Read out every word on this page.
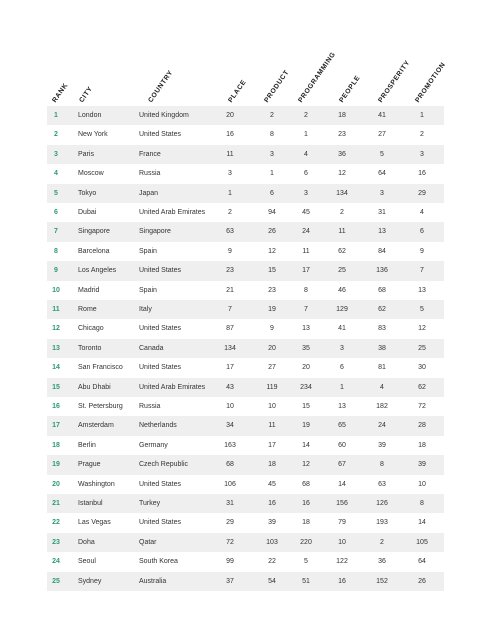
RANK CITY	COUNTRY	PLACE PRODUCT PROGRAMMING PEOPLE PROSPERITY PROMOTION
1	London	United Kingdom	20	2	2	18	41	1
2	New York	United States	16	8	1	23	27	2
3	Paris	France	11	3	4	36	5	3
4	Moscow	Russia	3	1	6	12	64	16
5	Tokyo	Japan	1	6	3	134	3	29
6	Dubai	United Arab Emirates	2	94	45	2	31	4
7	Singapore	Singapore	63	26	24	11	13	6
8	Barcelona	Spain	9	12	11	62	84	9
9	Los Angeles	United States	23	15	17	25	136	7
10	Madrid	Spain	21	23	8	46	68	13
11	Rome	Italy	7	19	7	129	62	5
12	Chicago	United States	87	9	13	41	83	12
13	Toronto	Canada	134	20	35	3	38	25
14	San Francisco United States	17	27	20	6	81	30
15	Abu Dhabi	United Arab Emirates	43	119	234	1	4	62
16	St. Petersburg Russia	10	10	15	13	182	72
17	Amsterdam	Netherlands	34	11	19	65	24	28
18	Berlin	Germany	163	17	14	60	39	18
19	Prague	Czech Republic	68	18	12	67	8	39
20	Washington	United States	106	45	68	14	63	10
21	Istanbul	Turkey	31	16	16	156	126	8
22	Las Vegas	United States	29	39	18	79	193	14
23	Doha	Qatar	72	103	220	10	2	105
24	Seoul	South Korea	99	22	5	122	36	64
25	Sydney	Australia	37	54	51	16	152	26
